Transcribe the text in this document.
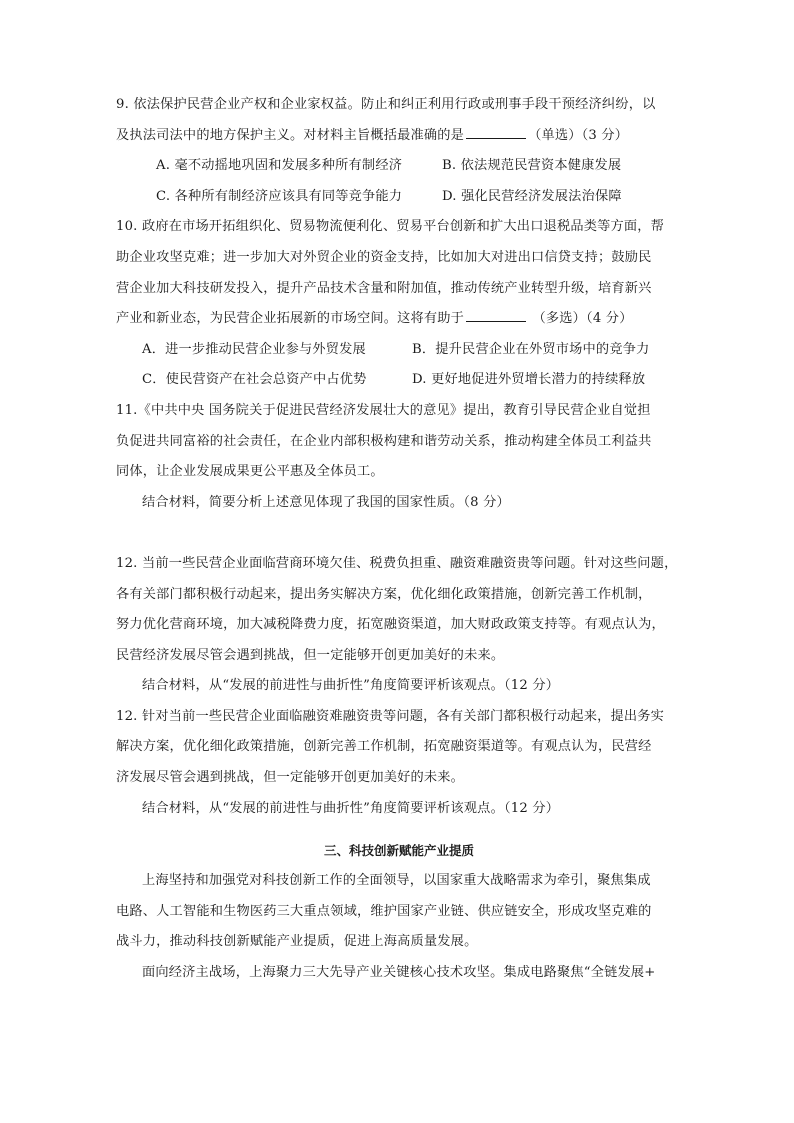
9. 依法保护民营企业产权和企业家权益。防止和纠正利用行政或刑事手段干预经济纠纷，以
及执法司法中的地方保护主义。对材料主旨概括最准确的是	（单选）（3 分）
A. 毫不动摇地巩固和发展多种所有制经济	B. 依法规范民营资本健康发展
C. 各种所有制经济应该具有同等竞争能力	D. 强化民营经济发展法治保障
10. 政府在市场开拓组织化、贸易物流便利化、贸易平台创新和扩大出口退税品类等方面，帮
助企业攻坚克难；进一步加大对外贸企业的资金支持，比如加大对进出口信贷支持；鼓励民
营企业加大科技研发投入，提升产品技术含量和附加值，推动传统产业转型升级，培育新兴
产业和新业态，为民营企业拓展新的市场空间。这将有助于	（多选）（4 分）
A．进一步推动民营企业参与外贸发展	B．提升民营企业在外贸市场中的竞争力
C．使民营资产在社会总资产中占优势	D. 更好地促进外贸增长潜力的持续释放
11.《中共中央 国务院关于促进民营经济发展壮大的意见》提出，教育引导民营企业自觉担
负促进共同富裕的社会责任，在企业内部积极构建和谐劳动关系，推动构建全体员工利益共
同体，让企业发展成果更公平惠及全体员工。
结合材料，简要分析上述意见体现了我国的国家性质。（8 分）
12. 当前一些民营企业面临营商环境欠佳、税费负担重、融资难融资贵等问题。针对这些问题，
各有关部门都积极行动起来，提出务实解决方案，优化细化政策措施，创新完善工作机制，
努力优化营商环境，加大减税降费力度，拓宽融资渠道，加大财政政策支持等。有观点认为，
民营经济发展尽管会遇到挑战，但一定能够开创更加美好的未来。
结合材料，从“发展的前进性与曲折性”角度简要评析该观点。（12 分）
12. 针对当前一些民营企业面临融资难融资贵等问题，各有关部门都积极行动起来，提出务实
解决方案，优化细化政策措施，创新完善工作机制，拓宽融资渠道等。有观点认为，民营经
济发展尽管会遇到挑战，但一定能够开创更加美好的未来。
结合材料，从“发展的前进性与曲折性”角度简要评析该观点。（12 分）
三、科技创新赋能产业提质
上海坚持和加强党对科技创新工作的全面领导，以国家重大战略需求为牵引，聚焦集成
电路、人工智能和生物医药三大重点领域，维护国家产业链、供应链安全，形成攻坚克难的
战斗力，推动科技创新赋能产业提质，促进上海高质量发展。
面向经济主战场，上海聚力三大先导产业关键核心技术攻坚。集成电路聚焦“全链发展+
